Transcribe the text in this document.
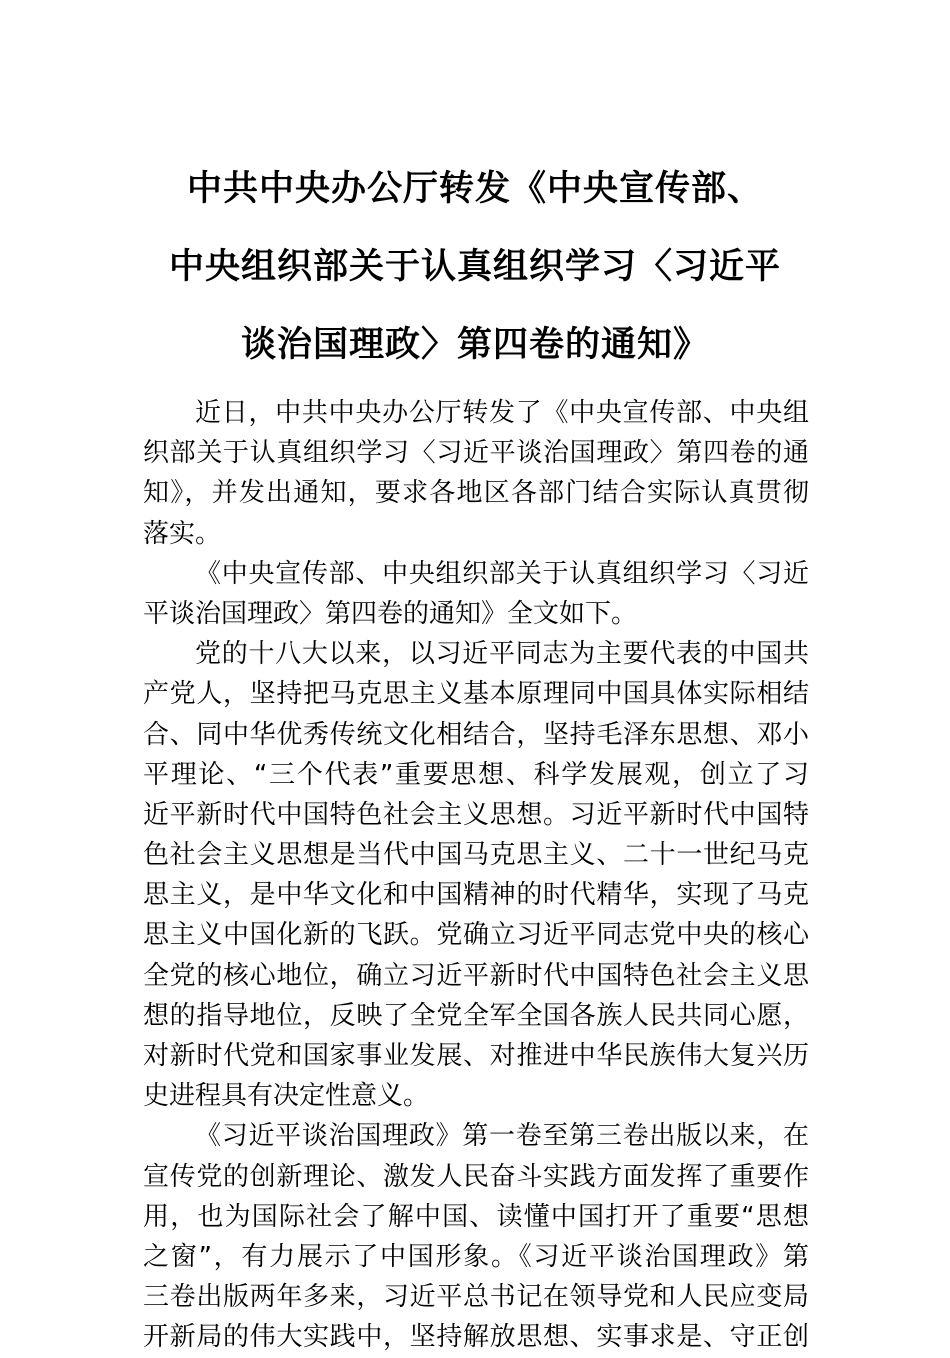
中共中央办公厅转发《中央宣传部、
中央组织部关于认真组织学习〈习近平
谈治国理政〉第四卷的通知》
近日，中共中央办公厅转发了《中央宣传部、中央组
织部关于认真组织学习〈习近平谈治国理政〉第四卷的通
知》，并发出通知，要求各地区各部门结合实际认真贯彻
落实。
《中央宣传部、中央组织部关于认真组织学习〈习近
平谈治国理政〉第四卷的通知》全文如下。
党的十八大以来，以习近平同志为主要代表的中国共
产党人，坚持把马克思主义基本原理同中国具体实际相结
合、同中华优秀传统文化相结合，坚持毛泽东思想、邓小
平理论、“三个代表”重要思想、科学发展观，创立了习
近平新时代中国特色社会主义思想。习近平新时代中国特
色社会主义思想是当代中国马克思主义、二十一世纪马克
思主义，是中华文化和中国精神的时代精华，实现了马克
思主义中国化新的飞跃。党确立习近平同志党中央的核心
全党的核心地位，确立习近平新时代中国特色社会主义思
想的指导地位，反映了全党全军全国各族人民共同心愿，
对新时代党和国家事业发展、对推进中华民族伟大复兴历
史进程具有决定性意义。
《习近平谈治国理政》第一卷至第三卷出版以来，在
宣传党的创新理论、激发人民奋斗实践方面发挥了重要作
用，也为国际社会了解中国、读懂中国打开了重要“思想
之窗”，有力展示了中国形象。《习近平谈治国理政》第
三卷出版两年多来，习近平总书记在领导党和人民应变局
开新局的伟大实践中，坚持解放思想、实事求是、守正创
